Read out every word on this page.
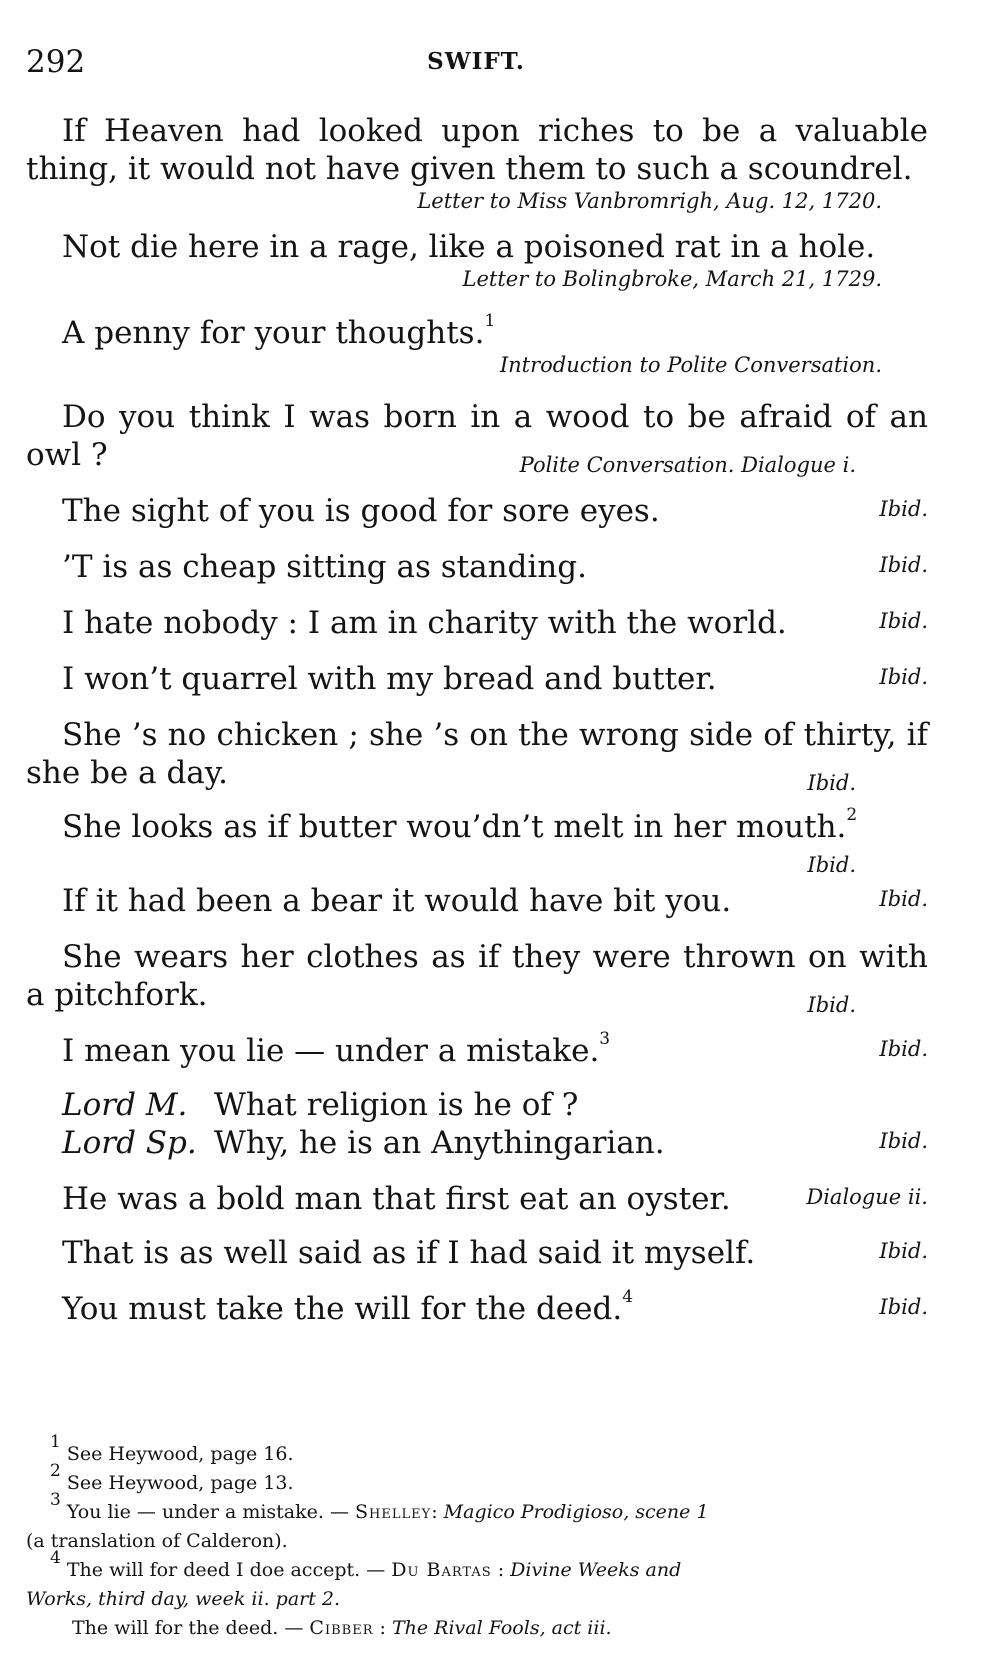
292	SWIFT.
If Heaven had looked upon riches to be a valuable thing, it would not have given them to such a scoundrel.
Letter to Miss Vanbromrigh, Aug. 12, 1720.
Not die here in a rage, like a poisoned rat in a hole.
Letter to Bolingbroke, March 21, 1729.
A penny for your thoughts.$^1$
Introduction to Polite Conversation.
Do you think I was born in a wood to be afraid of an owl ?	Polite Conversation. Dialogue i.
The sight of you is good for sore eyes.	Ibid.
’T is as cheap sitting as standing.	Ibid.
I hate nobody : I am in charity with the world.	Ibid.
I won’t quarrel with my bread and butter.	Ibid.
She ’s no chicken ; she ’s on the wrong side of thirty, if she be a day.	Ibid.
She looks as if butter wou’dn’t melt in her mouth.$^2$
Ibid.
If it had been a bear it would have bit you.	Ibid.
She wears her clothes as if they were thrown on with a pitchfork.	Ibid.
I mean you lie — under a mistake.$^3$	Ibid.
Lord M. What religion is he of ?
Lord Sp. Why, he is an Anythingarian.	Ibid.
He was a bold man that first eat an oyster.	Dialogue ii.
That is as well said as if I had said it myself.	Ibid.
You must take the will for the deed.$^4$	Ibid.
$^1$ See Heywood, page 16.
$^2$ See Heywood, page 13.
$^3$ You lie — under a mistake. — Shelley: Magico Prodigioso, scene 1
(a translation of Calderon).
$^4$ The will for deed I doe accept. — Du Bartas : Divine Weeks and
Works, third day, week ii. part 2.
The will for the deed. — Cibber : The Rival Fools, act iii.
